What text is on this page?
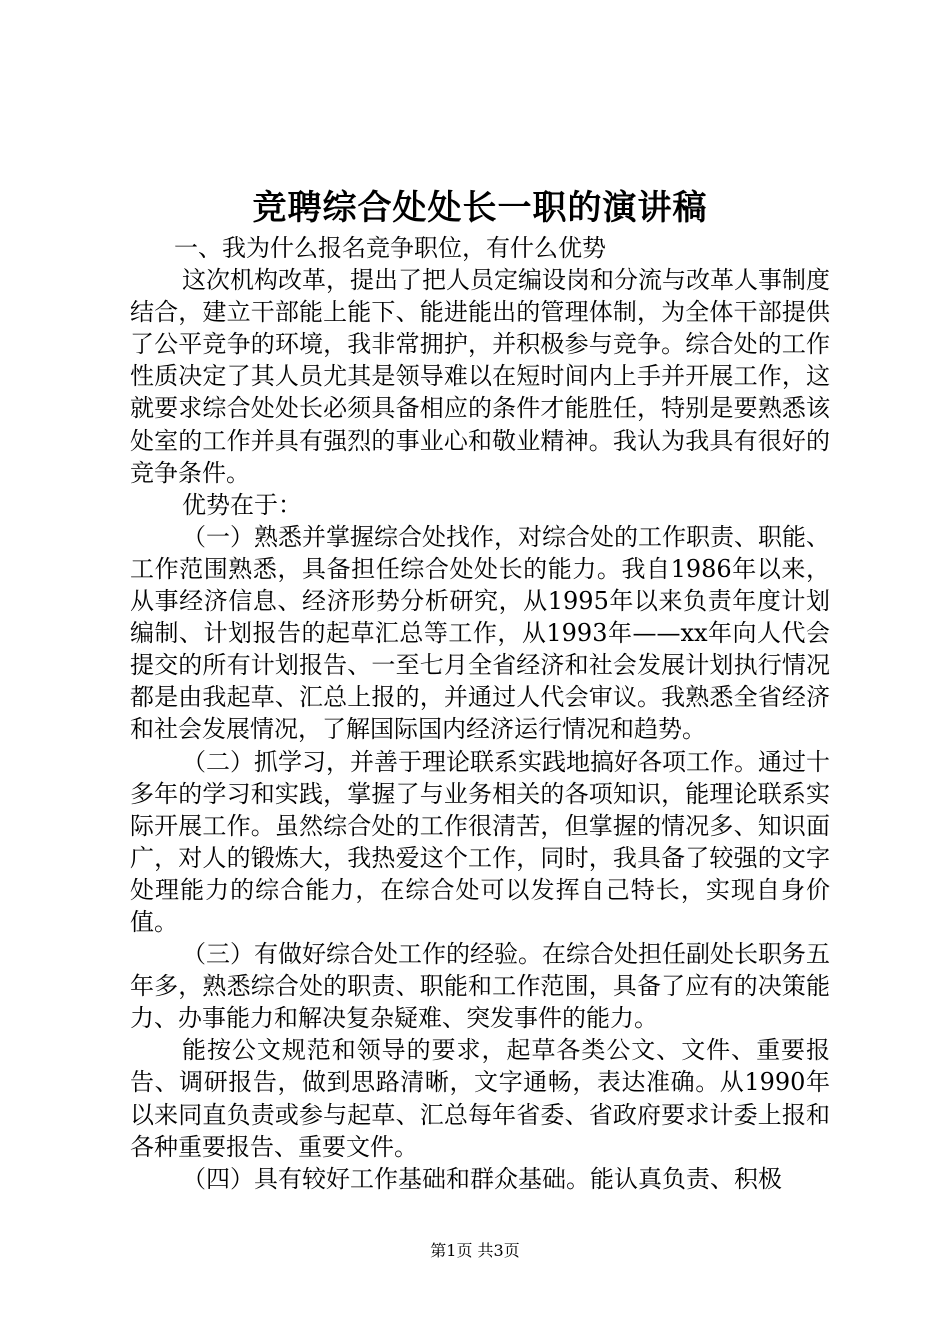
竞聘综合处处长一职的演讲稿

一、我为什么报名竞争职位，有什么优势

这次机构改革，提出了把人员定编设岗和分流与改革人事制度结合，建立干部能上能下、能进能出的管理体制，为全体干部提供了公平竞争的环境，我非常拥护，并积极参与竞争。综合处的工作性质决定了其人员尤其是领导难以在短时间内上手并开展工作，这就要求综合处处长必须具备相应的条件才能胜任，特别是要熟悉该处室的工作并具有强烈的事业心和敬业精神。我认为我具有很好的竞争条件。

优势在于：

（一）熟悉并掌握综合处找作，对综合处的工作职责、职能、工作范围熟悉，具备担任综合处处长的能力。我自1986年以来，从事经济信息、经济形势分析研究，从1995年以来负责年度计划编制、计划报告的起草汇总等工作，从1993年——xx年向人代会提交的所有计划报告、一至七月全省经济和社会发展计划执行情况都是由我起草、汇总上报的，并通过人代会审议。我熟悉全省经济和社会发展情况，了解国际国内经济运行情况和趋势。

（二）抓学习，并善于理论联系实践地搞好各项工作。通过十多年的学习和实践，掌握了与业务相关的各项知识，能理论联系实际开展工作。虽然综合处的工作很清苦，但掌握的情况多、知识面广，对人的锻炼大，我热爱这个工作，同时，我具备了较强的文字处理能力的综合能力，在综合处可以发挥自己特长，实现自身价值。

（三）有做好综合处工作的经验。在综合处担任副处长职务五年多，熟悉综合处的职责、职能和工作范围，具备了应有的决策能力、办事能力和解决复杂疑难、突发事件的能力。

能按公文规范和领导的要求，起草各类公文、文件、重要报告、调研报告，做到思路清晰，文字通畅，表达准确。从1990年以来同直负责或参与起草、汇总每年省委、省政府要求计委上报和各种重要报告、重要文件。

（四）具有较好工作基础和群众基础。能认真负责、积极

第1页 共3页
